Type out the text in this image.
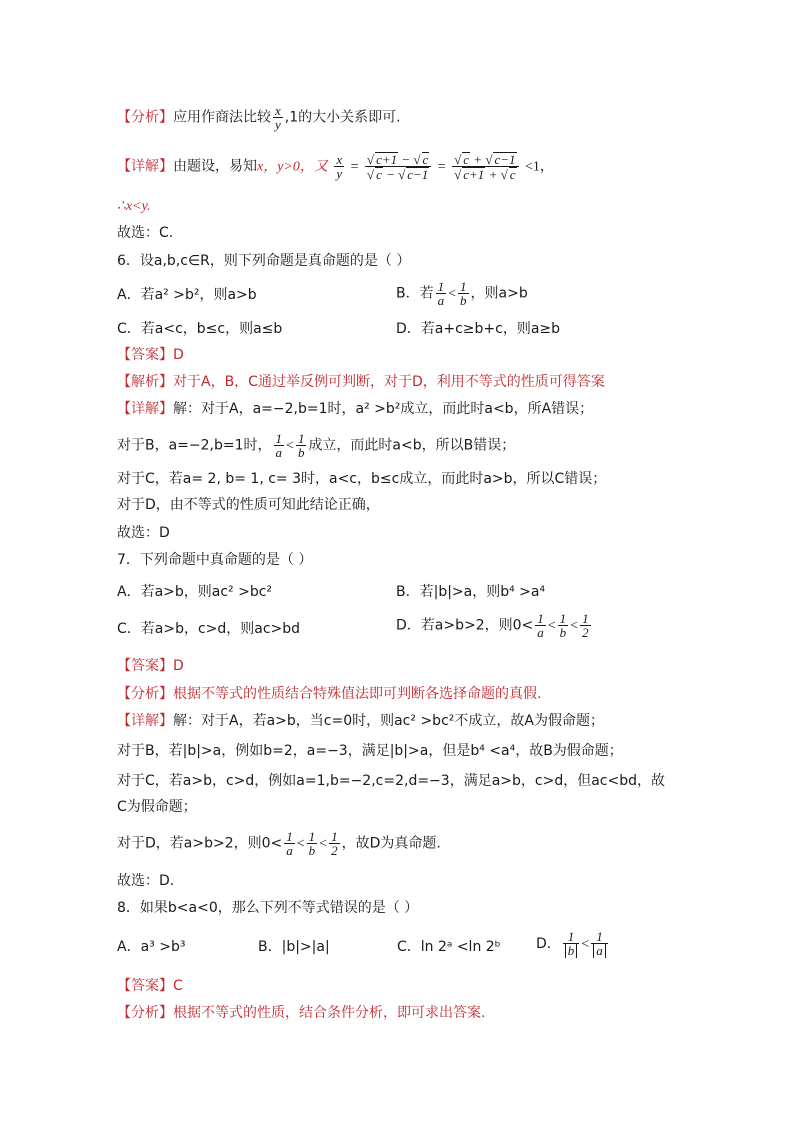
【分析】应用作商法比较 $\frac{x}{y} ,1$的大小关系即可.
【详解】由题设，易知x，y>0，又 $\frac{x}{y} = \frac{√ c+1 - √ c}{√ c - √ c-1} = \frac{√ c + √ c-1}{√ c+1 + √ c} <1$，
∴x<y.
故选：C.
6．设a,b,c∈R，则下列命题是真命题的是（ ）
A．若a² >b²，则a>b	B．若 $\frac{1}{a} < \frac{1}{b}$ ，则a>b
C．若a<c，b≤c，则a≤b	D．若a+c≥b+c，则a≥b
【答案】D
【解析】对于A，B，C通过举反例可判断，对于D，利用不等式的性质可得答案
【详解】解：对于A，a=−2,b=1时，a² >b²成立，而此时a<b，所A错误；
对于B，a=−2,b=1时， $\frac{1}{a} < \frac{1}{b}$ 成立，而此时a<b，所以B错误；
对于C，若a= 2, b= 1, c= 3时，a<c，b≤c成立，而此时a>b，所以C错误；
对于D，由不等式的性质可知此结论正确，
故选：D
7．下列命题中真命题的是（ ）
A．若a>b，则ac² >bc²	B．若|b|>a，则b⁴ >a⁴
C．若a>b，c>d，则ac>bd	D．若a>b>2，则$0< \frac{1}{a} < \frac{1}{b} < \frac{1}{2}$
【答案】D
【分析】根据不等式的性质结合特殊值法即可判断各选择命题的真假.
【详解】解：对于A，若a>b，当c=0时，则ac² >bc²不成立，故A为假命题；
对于B，若|b|>a，例如b=2，a=−3，满足|b|>a，但是b⁴ <a⁴，故B为假命题；
对于C，若a>b，c>d，例如a=1,b=−2,c=2,d=−3，满足a>b，c>d，但ac<bd，故
C为假命题；
对于D，若a>b>2，则$0< \frac{1}{a} < \frac{1}{b} < \frac{1}{2}$ ，故D为真命题.
故选：D.
8．如果b<a<0，那么下列不等式错误的是（ ）
A．a³ >b³	B．|b|>|a|	C．ln 2ᵃ <ln 2ᵇ	D． $\frac{1}{b} < \frac{1}{a}$
【答案】C
【分析】根据不等式的性质，结合条件分析，即可求出答案.
